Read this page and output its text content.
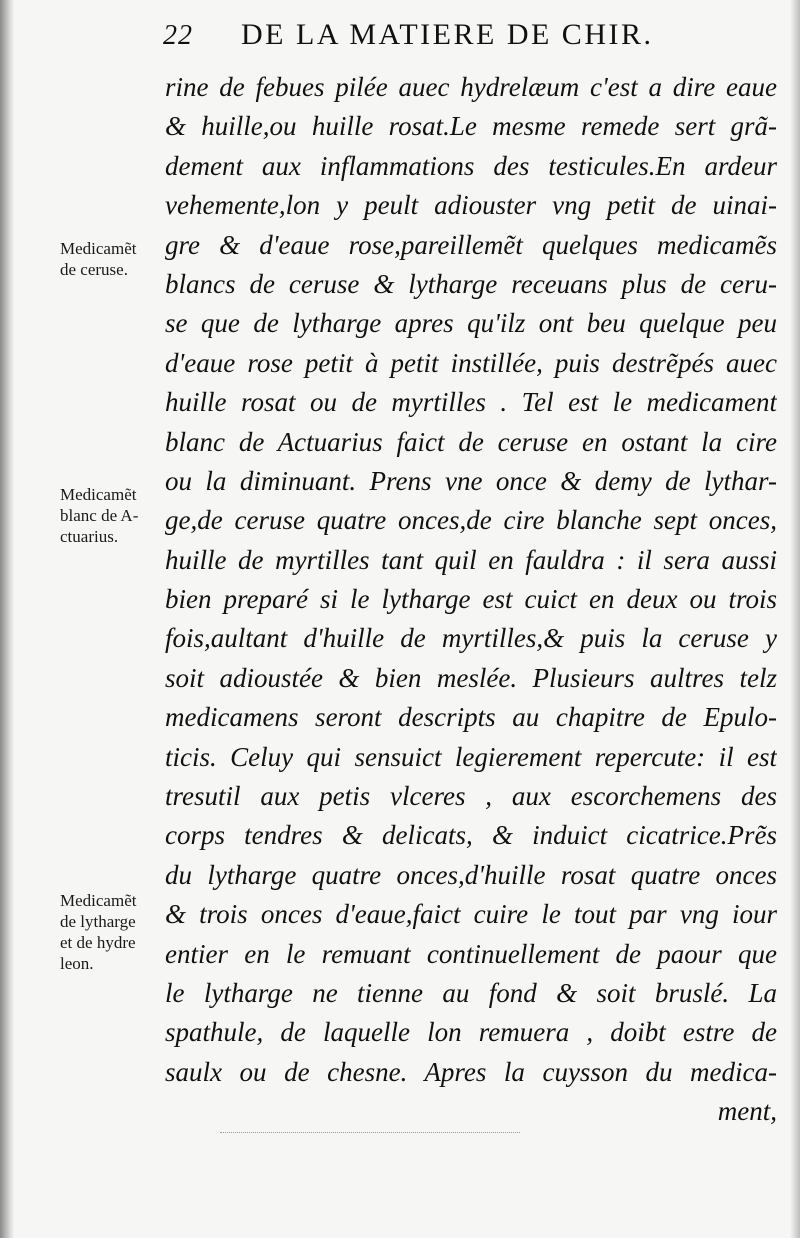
22	DE LA MATIERE DE CHIR.
rine de febues pilée auec hydrelæum c'est a dire eaue
& huille,ou huille rosat.Le mesme remede sert grã-
dement aux inflammations des testicules.En ardeur
vehemente,lon y peult adiouster vng petit de uinai-
gre & d'eaue rose,pareillemẽt quelques medicamẽs
blancs de ceruse & lytharge receuans plus de ceru-
se que de lytharge apres qu'ilz ont beu quelque peu
d'eaue rose petit à petit instillée, puis destrẽpés auec
huille rosat ou de myrtilles . Tel est le medicament
blanc de Actuarius faict de ceruse en ostant la cire
ou la diminuant. Prens vne once & demy de lythar-
ge,de ceruse quatre onces,de cire blanche sept onces,
huille de myrtilles tant quil en fauldra : il sera aussi
bien preparé si le lytharge est cuict en deux ou trois
fois,aultant d'huille de myrtilles,& puis la ceruse y
soit adioustée & bien meslée. Plusieurs aultres telz
medicamens seront descripts au chapitre de Epulo-
ticis. Celuy qui sensuict legierement repercute: il est
tresutil aux petis vlceres , aux escorchemens des
corps tendres & delicats, & induict cicatrice.Prẽs
du lytharge quatre onces,d'huille rosat quatre onces
& trois onces d'eaue,faict cuire le tout par vng iour
entier en le remuant continuellement de paour que
le lytharge ne tienne au fond & soit bruslé. La
spathule, de laquelle lon remuera , doibt estre de
saulx ou de chesne. Apres la cuysson du medica-
ment,
Medicamẽt
de ceruse.
Medicamẽt
blanc de A-
ctuarius.
Medicamẽt
de lytharge
et de hydre
leon.
